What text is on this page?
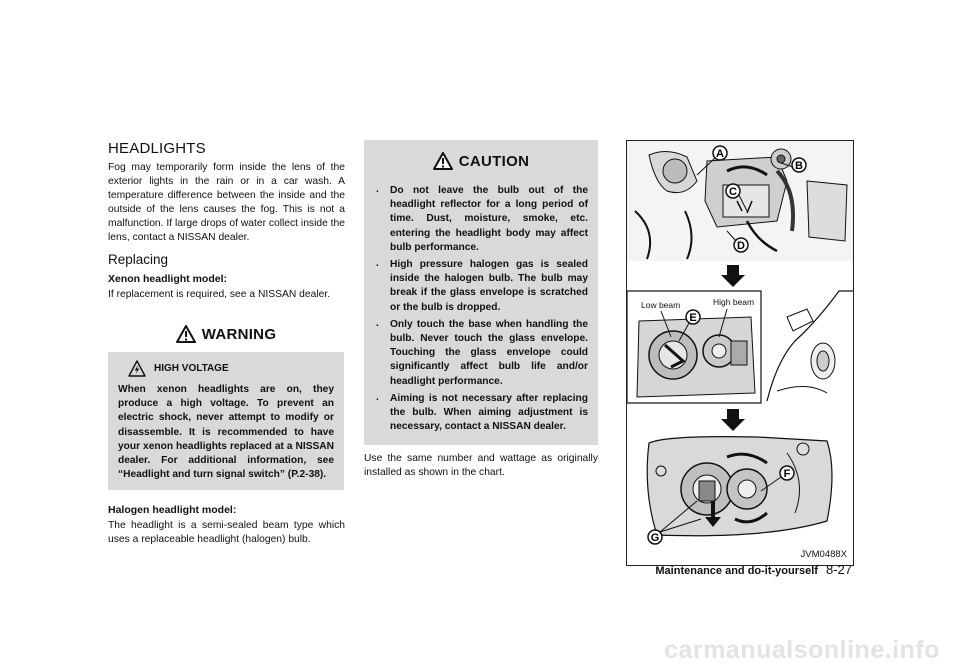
HEADLIGHTS

Fog may temporarily form inside the lens of the exterior lights in the rain or in a car wash. A temperature difference between the inside and the outside of the lens causes the fog. This is not a malfunction. If large drops of water collect inside the lens, contact a NISSAN dealer.

Replacing
Xenon headlight model:

If replacement is required, see a NISSAN dealer.

WARNING
HIGH VOLTAGE

When xenon headlights are on, they produce a high voltage. To prevent an electric shock, never attempt to modify or disassemble. It is recommended to have your xenon headlights replaced at a NISSAN dealer. For additional information, see “Headlight and turn signal switch” (P.2-38).

Halogen headlight model:

The headlight is a semi-sealed beam type which uses a replaceable headlight (halogen) bulb.

CAUTION
. Do not leave the bulb out of the headlight reflector for a long period of time. Dust, moisture, smoke, etc. entering the headlight body may affect bulb performance.

. High pressure halogen gas is sealed inside the halogen bulb. The bulb may break if the glass envelope is scratched or the bulb is dropped.

. Only touch the base when handling the bulb. Never touch the glass envelope. Touching the glass envelope could significantly affect bulb life and/or headlight performance.

. Aiming is not necessary after replacing the bulb. When aiming adjustment is necessary, contact a NISSAN dealer.

Use the same number and wattage as originally installed as shown in the chart.

A
B
C
D
Low beam	High beam
F
G
E
JVM0488X
Maintenance and do-it-yourself 8-27
carmanualsonline.info
